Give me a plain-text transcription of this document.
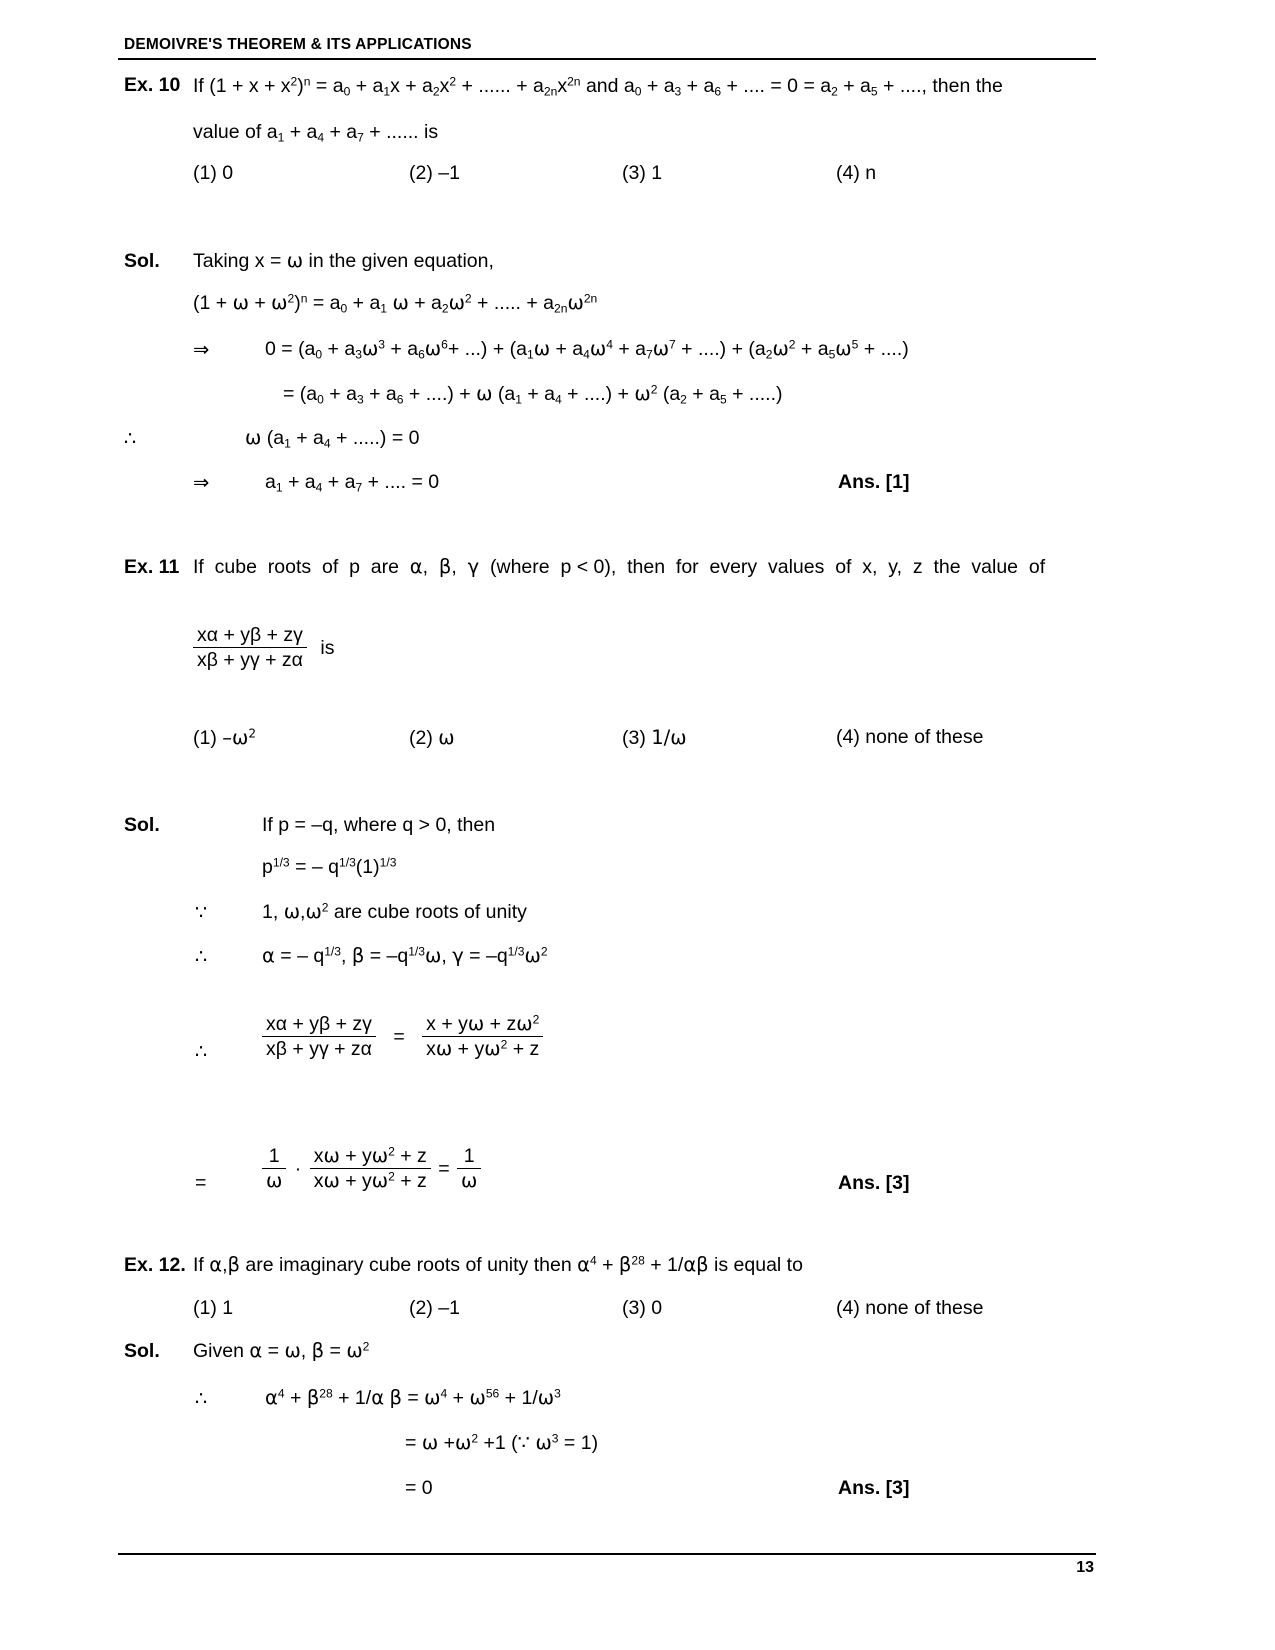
DEMOIVRE'S THEOREM & ITS APPLICATIONS
Ex. 10 If $(1 + x + x^2)^n = a_0 + a_1x + a_2x^2$ + ...... + $a_{2n}x^{2n}$ and $a_0 + a_3 + a_6$ + .... = $0 = a_2 + a_5$ + ...., then the
value of $a_1 + a_4 + a_7$ + ...... is
(1) 0	(2) –1	(3) 1	(4) n
Sol. Taking x = ω in the given equation,
$(1 + \omega + \omega^2)^n = a_0 + a_1$ $\omega + a_2\omega^2$ + ..... + $a_{2n}\omega^{2n}$
⇒	$0 = (a_0 + a_3\omega^3 + a_6\omega^6+$ ...) + ($a_1\omega + a_4\omega^4 + a_7\omega^7$ + ....) + ($a_2\omega^2 + a_5\omega^5$ + ....)
= ($a_0 + a_3 + a_6$ + ....) + ω ($a_1 + a_4$ + ....) + $\omega^2$ ($a_2 + a_5$ + .....)
∴	ω ($a_1 + a_4$ + .....) = 0
⇒	$a_1 + a_4 + a_7$ + .... = 0	Ans. [1]
Ex. 11 If  cube  roots  of  p  are  α,  β,  γ  (where  p < 0),  then  for  every  values  of  x,  y,  z  the  value  of
$\frac{x\alpha + y\beta + z\gamma}{x\beta + y\gamma + z\alpha}$ is
(1) $-\omega^2$	(2) ω	(3) 1/ω	(4) none of these
Sol.	If p = –q, where q > 0, then
$p^{1/3}$ = – $q^{1/3}(1)^{1/3}$
∵	1, $\omega,\omega^2$ are cube roots of unity
∴	α = – $q^{1/3}$, $\beta = -q^{1/3}\omega$, $\gamma = -q^{1/3}\omega^2$
∴	$\frac{x\alpha + y\beta + z\gamma}{x\beta + y\gamma + z\alpha} = \frac{x + y\omega + z\omega^2}{x\omega + y\omega^2 + z}$
=	$\frac{1}{\omega} \cdot \frac{x\omega + y\omega^2 + z}{x\omega + y\omega^2 + z} = \frac{1}{\omega}$	Ans. [3]
Ex. 12. If α,β are imaginary cube roots of unity then $\alpha^4 + \beta^{28} + 1/\alpha\beta$ is equal to
(1) 1	(2) –1	(3) 0	(4) none of these
Sol. Given α = ω, $\beta = \omega^2$
∴	$\alpha^4 + \beta^{28} + 1/\alpha$ $\beta = \omega^4 + \omega^{56} + 1/\omega^3$
= $\omega +\omega^2 +1$ (∵ $\omega^3 = 1$)
= 0	Ans. [3]
13
